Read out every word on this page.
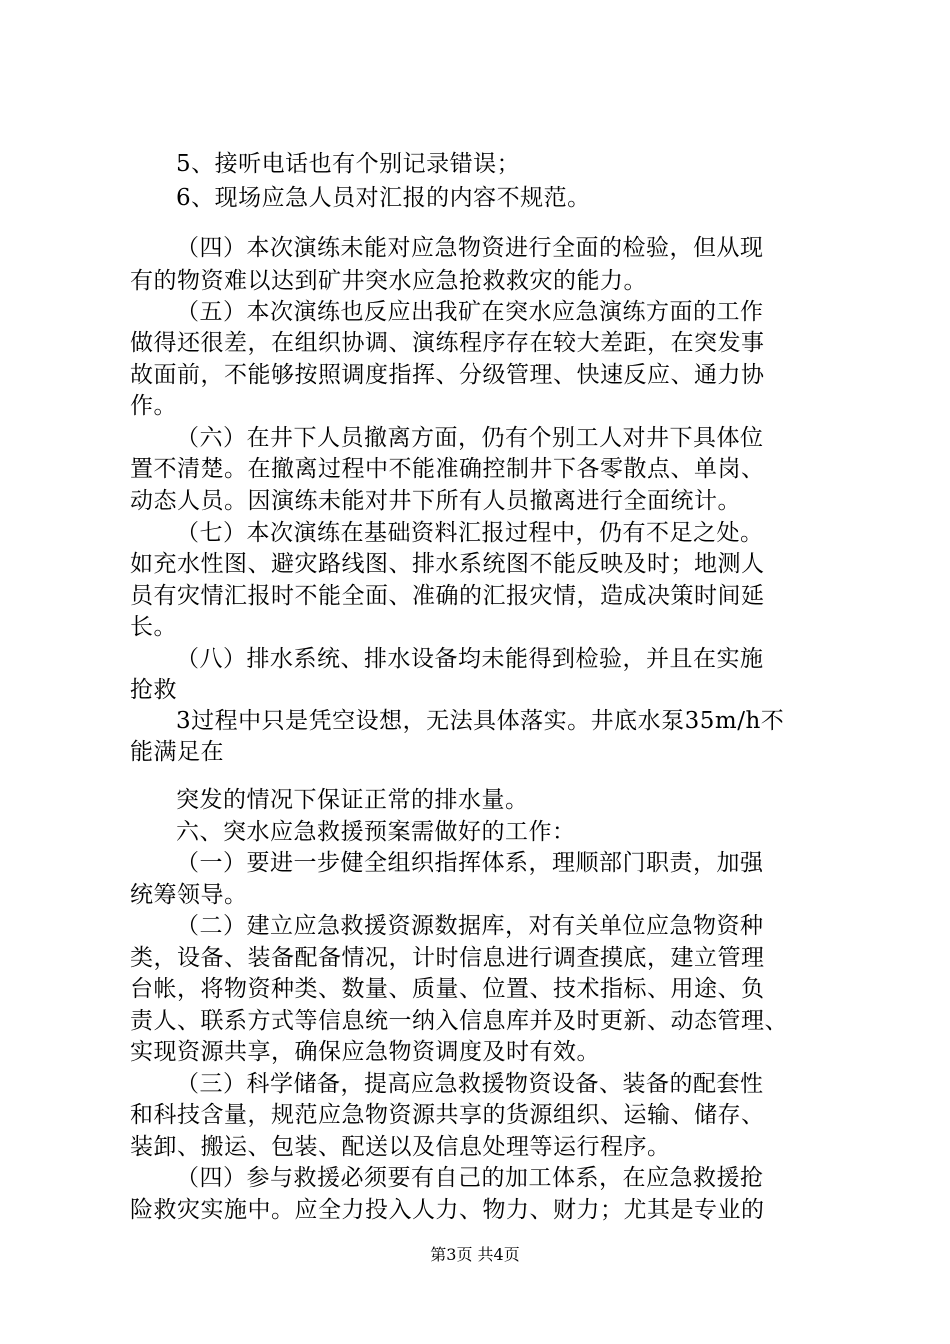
5、接听电话也有个别记录错误；
6、现场应急人员对汇报的内容不规范。
（四）本次演练未能对应急物资进行全面的检验，但从现
有的物资难以达到矿井突水应急抢救救灾的能力。
（五）本次演练也反应出我矿在突水应急演练方面的工作
做得还很差，在组织协调、演练程序存在较大差距，在突发事
故面前，不能够按照调度指挥、分级管理、快速反应、通力协
作。
（六）在井下人员撤离方面，仍有个别工人对井下具体位
置不清楚。在撤离过程中不能准确控制井下各零散点、单岗、
动态人员。因演练未能对井下所有人员撤离进行全面统计。
（七）本次演练在基础资料汇报过程中，仍有不足之处。
如充水性图、避灾路线图、排水系统图不能反映及时；地测人
员有灾情汇报时不能全面、准确的汇报灾情，造成决策时间延
长。
（八）排水系统、排水设备均未能得到检验，并且在实施
抢救
3过程中只是凭空设想，无法具体落实。井底水泵35m/h不
能满足在
突发的情况下保证正常的排水量。
六、突水应急救援预案需做好的工作：
（一）要进一步健全组织指挥体系，理顺部门职责，加强
统筹领导。
（二）建立应急救援资源数据库，对有关单位应急物资种
类，设备、装备配备情况，计时信息进行调查摸底，建立管理
台帐，将物资种类、数量、质量、位置、技术指标、用途、负
责人、联系方式等信息统一纳入信息库并及时更新、动态管理、
实现资源共享，确保应急物资调度及时有效。
（三）科学储备，提高应急救援物资设备、装备的配套性
和科技含量，规范应急物资源共享的货源组织、运输、储存、
装卸、搬运、包装、配送以及信息处理等运行程序。
（四）参与救援必须要有自己的加工体系，在应急救援抢
险救灾实施中。应全力投入人力、物力、财力；尤其是专业的
第3页 共4页
